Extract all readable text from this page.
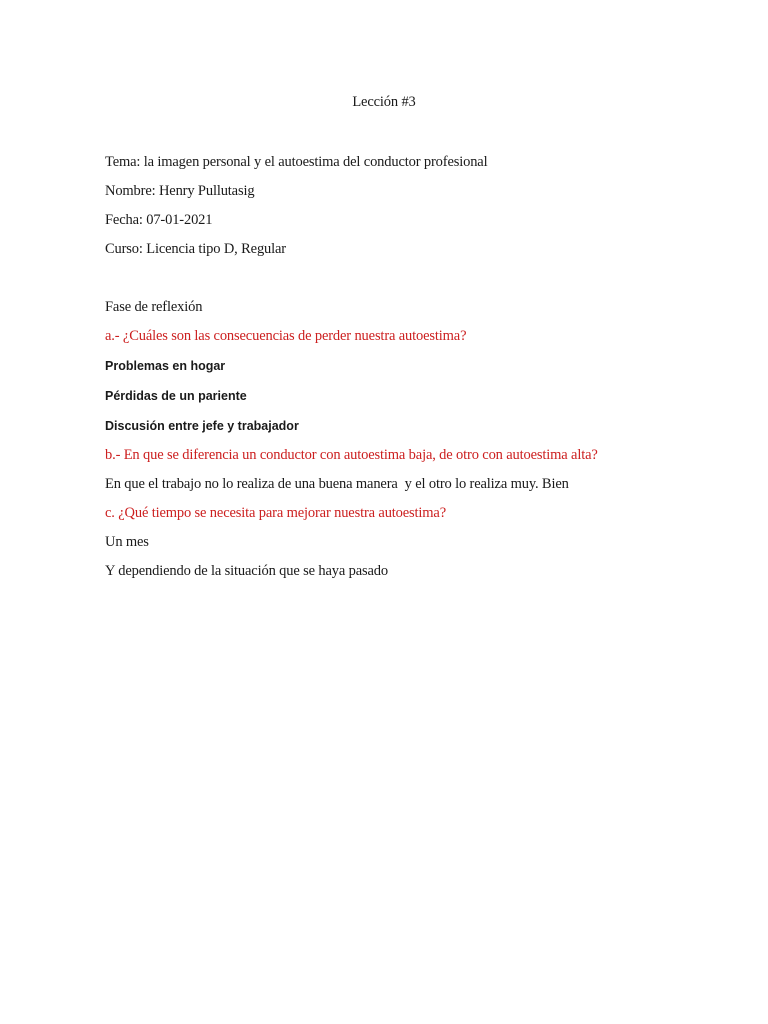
Lección #3
Tema: la imagen personal y el autoestima del conductor profesional
Nombre: Henry Pullutasig
Fecha: 07-01-2021
Curso: Licencia tipo D, Regular
Fase de reflexión
a.- ¿Cuáles son las consecuencias de perder nuestra autoestima?
Problemas en hogar
Pérdidas de un pariente
Discusión entre jefe y trabajador
b.- En que se diferencia un conductor con autoestima baja, de otro con autoestima alta?
En que el trabajo no lo realiza de una buena manera  y el otro lo realiza muy. Bien
c. ¿Qué tiempo se necesita para mejorar nuestra autoestima?
Un mes
Y dependiendo de la situación que se haya pasado
